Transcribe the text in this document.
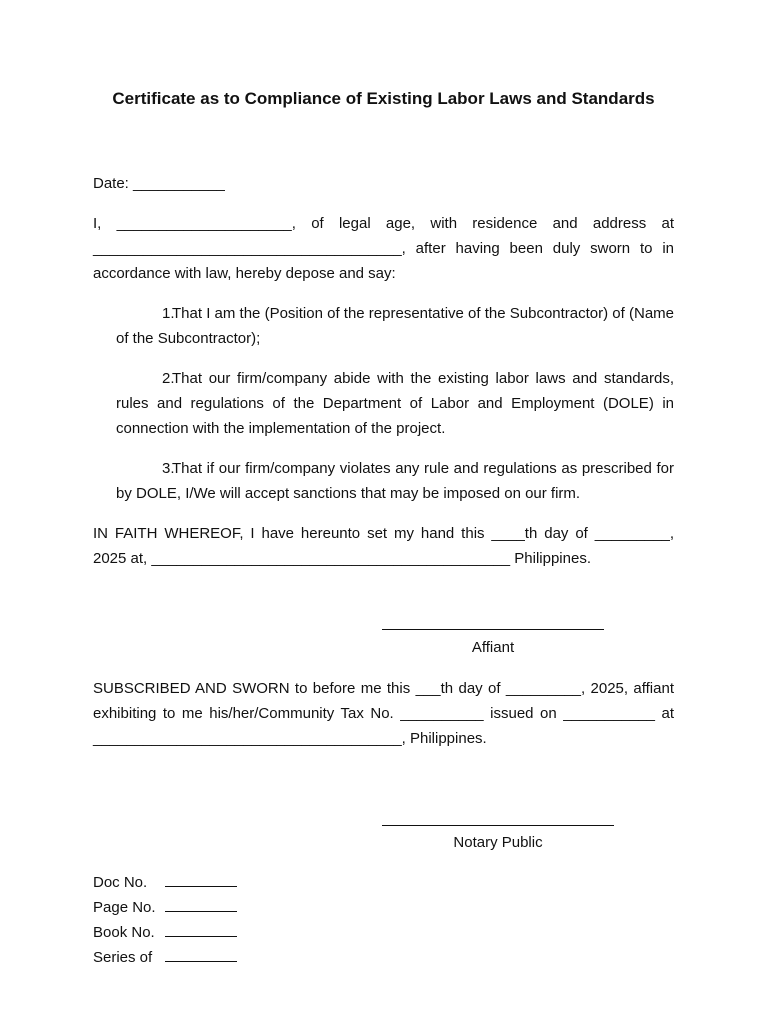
Certificate as to Compliance of Existing Labor Laws and Standards
Date: ___________
I, _____________________, of legal age, with residence and address at _____________________________________, after having been duly sworn to in accordance with law, hereby depose and say:
1.That I am the (Position of the representative of the Subcontractor) of (Name of the Subcontractor);
2.That our firm/company abide with the existing labor laws and standards, rules and regulations of the Department of Labor and Employment (DOLE) in connection with the implementation of the project.
3.That if our firm/company violates any rule and regulations as prescribed for by DOLE, I/We will accept sanctions that may be imposed on our firm.
IN FAITH WHEREOF, I have hereunto set my hand this ____th day of _________, 2025 at, ___________________________________________ Philippines.
Affiant
SUBSCRIBED AND SWORN to before me this ___th day of _________, 2025, affiant exhibiting to me his/her/Community Tax No. __________ issued on ___________ at _____________________________________, Philippines.
Notary Public
Doc No.
Page No.
Book No.
Series of
